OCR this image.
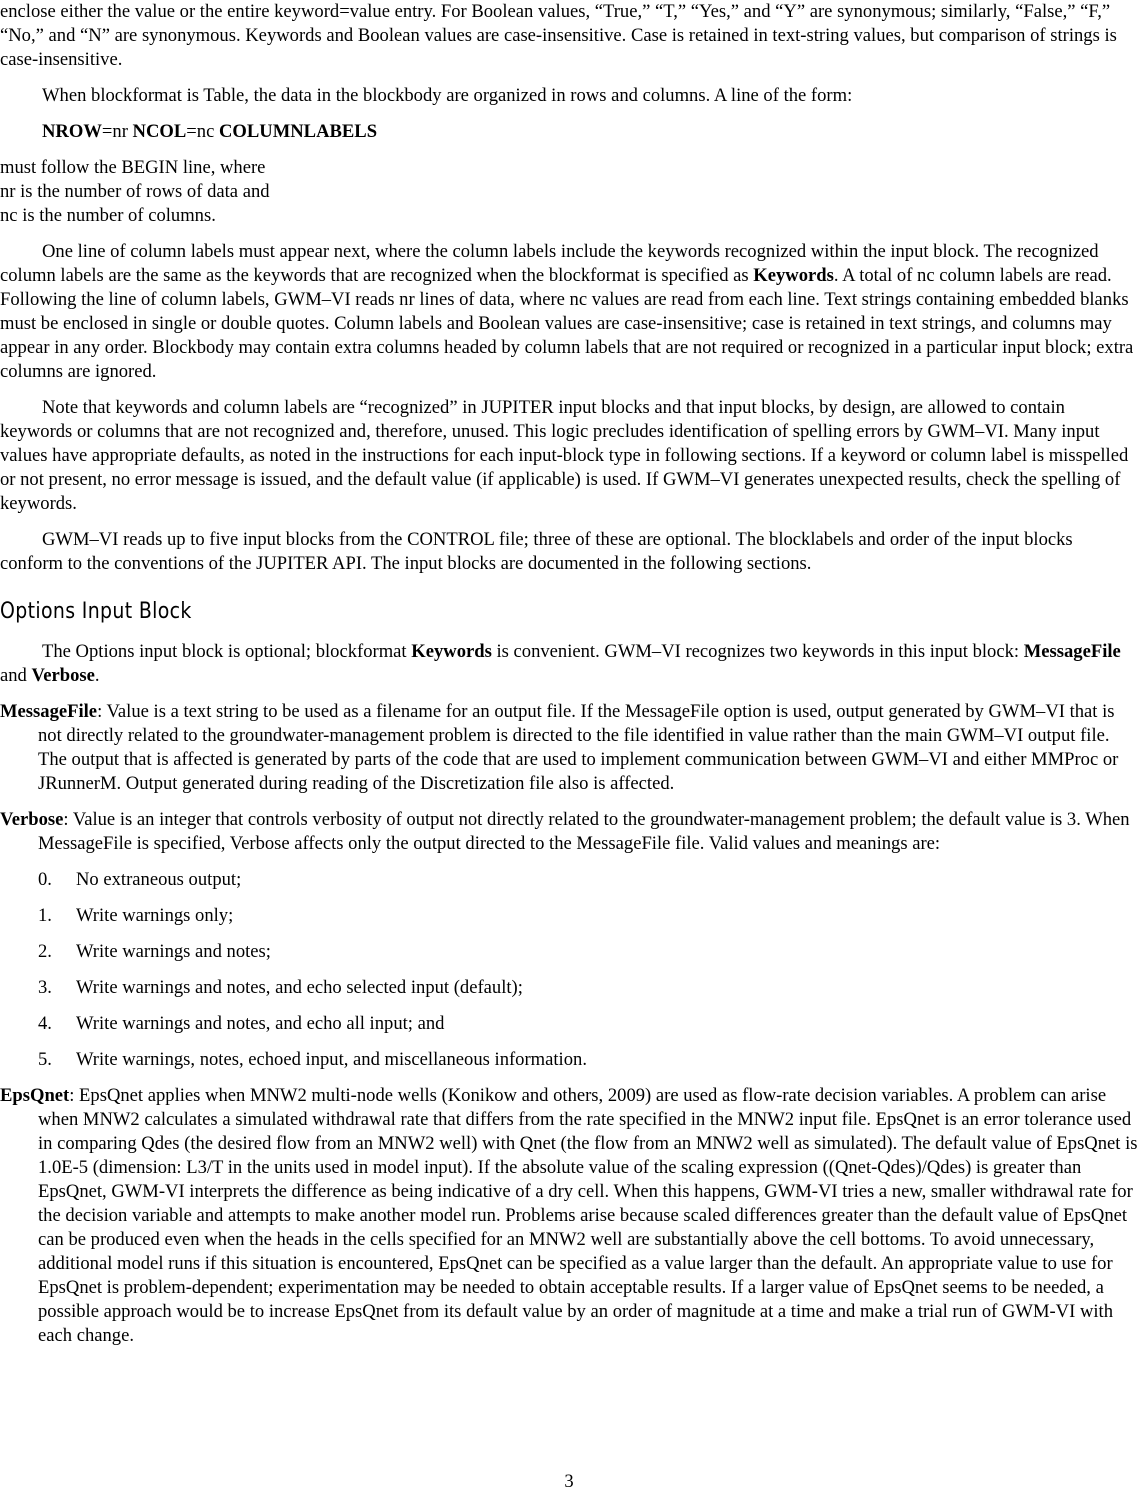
enclose either the value or the entire keyword=value entry. For Boolean values, “True,” “T,” “Yes,” and “Y” are synonymous; similarly, “False,” “F,” “No,” and “N” are synonymous. Keywords and Boolean values are case-insensitive. Case is retained in text-string values, but comparison of strings is case-insensitive.

When blockformat is Table, the data in the blockbody are organized in rows and columns. A line of the form:

NROW=nr NCOL=nc COLUMNLABELS

must follow the BEGIN line, where

nr is the number of rows of data and

nc is the number of columns.

One line of column labels must appear next, where the column labels include the keywords recognized within the input block. The recognized column labels are the same as the keywords that are recognized when the blockformat is specified as Keywords. A total of nc column labels are read. Following the line of column labels, GWM–VI reads nr lines of data, where nc values are read from each line. Text strings containing embedded blanks must be enclosed in single or double quotes. Column labels and Boolean values are case-insensitive; case is retained in text strings, and columns may appear in any order. Blockbody may contain extra columns headed by column labels that are not required or recognized in a particular input block; extra columns are ignored.

Note that keywords and column labels are “recognized” in JUPITER input blocks and that input blocks, by design, are allowed to contain keywords or columns that are not recognized and, therefore, unused. This logic precludes identification of spelling errors by GWM–VI. Many input values have appropriate defaults, as noted in the instructions for each input-block type in following sections. If a keyword or column label is misspelled or not present, no error message is issued, and the default value (if applicable) is used. If GWM–VI generates unexpected results, check the spelling of keywords.

GWM–VI reads up to five input blocks from the CONTROL file; three of these are optional. The blocklabels and order of the input blocks conform to the conventions of the JUPITER API. The input blocks are documented in the following sections.

Options Input Block

The Options input block is optional; blockformat Keywords is convenient. GWM–VI recognizes two keywords in this input block: MessageFile and Verbose.

MessageFile: Value is a text string to be used as a filename for an output file. If the MessageFile option is used, output generated by GWM–VI that is not directly related to the groundwater-management problem is directed to the file identified in value rather than the main GWM–VI output file. The output that is affected is generated by parts of the code that are used to implement communication between GWM–VI and either MMProc or JRunnerM. Output generated during reading of the Discretization file also is affected.

Verbose: Value is an integer that controls verbosity of output not directly related to the groundwater-management problem; the default value is 3. When MessageFile is specified, Verbose affects only the output directed to the MessageFile file. Valid values and meanings are:

0.	No extraneous output;
1.	Write warnings only;
2.	Write warnings and notes;
3.	Write warnings and notes, and echo selected input (default);
4.	Write warnings and notes, and echo all input; and
5.	Write warnings, notes, echoed input, and miscellaneous information.

EpsQnet: EpsQnet applies when MNW2 multi-node wells (Konikow and others, 2009) are used as flow-rate decision variables. A problem can arise when MNW2 calculates a simulated withdrawal rate that differs from the rate specified in the MNW2 input file. EpsQnet is an error tolerance used in comparing Qdes (the desired flow from an MNW2 well) with Qnet (the flow from an MNW2 well as simulated). The default value of EpsQnet is 1.0E-5 (dimension: L3/T in the units used in model input). If the absolute value of the scaling expression ((Qnet-Qdes)/Qdes) is greater than EpsQnet, GWM-VI interprets the difference as being indicative of a dry cell. When this happens, GWM-VI tries a new, smaller withdrawal rate for the decision variable and attempts to make another model run. Problems arise because scaled differences greater than the default value of EpsQnet can be produced even when the heads in the cells specified for an MNW2 well are substantially above the cell bottoms. To avoid unnecessary, additional model runs if this situation is encountered, EpsQnet can be specified as a value larger than the default. An appropriate value to use for EpsQnet is problem-dependent; experimentation may be needed to obtain acceptable results. If a larger value of EpsQnet seems to be needed, a possible approach would be to increase EpsQnet from its default value by an order of magnitude at a time and make a trial run of GWM-VI with each change.

3
